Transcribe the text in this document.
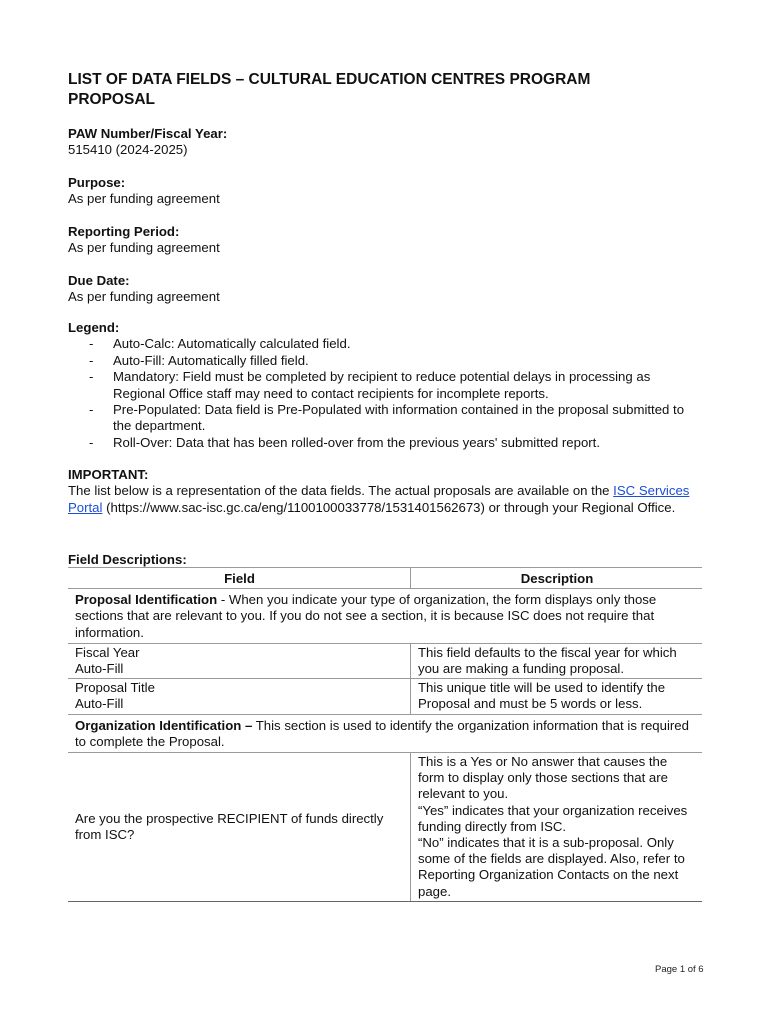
LIST OF DATA FIELDS – CULTURAL EDUCATION CENTRES PROGRAM
PROPOSAL
PAW Number/Fiscal Year:
515410 (2024-2025)
Purpose:
As per funding agreement
Reporting Period:
As per funding agreement
Due Date:
As per funding agreement
Legend:
- Auto-Calc: Automatically calculated field.
- Auto-Fill: Automatically filled field.
- Mandatory: Field must be completed by recipient to reduce potential delays in processing as Regional Office staff may need to contact recipients for incomplete reports.
- Pre-Populated: Data field is Pre-Populated with information contained in the proposal submitted to the department.
- Roll-Over: Data that has been rolled-over from the previous years' submitted report.
IMPORTANT:
The list below is a representation of the data fields. The actual proposals are available on the ISC Services Portal (https://www.sac-isc.gc.ca/eng/1100100033778/1531401562673) or through your Regional Office.
Field Descriptions:
Field	Description
Proposal Identification - When you indicate your type of organization, the form displays only those sections that are relevant to you. If you do not see a section, it is because ISC does not require that information.	

Fiscal Year
Auto-Fill	This field defaults to the fiscal year for which you are making a funding proposal.

Proposal Title
Auto-Fill	This unique title will be used to identify the Proposal and must be 5 words or less.
Organization Identification – This section is used to identify the organization information that is required to complete the Proposal.	
Are you the prospective RECIPIENT of funds directly from ISC?	This is a Yes or No answer that causes the form to display only those sections that are relevant to you.
“Yes” indicates that your organization receives funding directly from ISC.
“No” indicates that it is a sub-proposal. Only some of the fields are displayed. Also, refer to Reporting Organization Contacts on the next page.
Page 1 of 6
